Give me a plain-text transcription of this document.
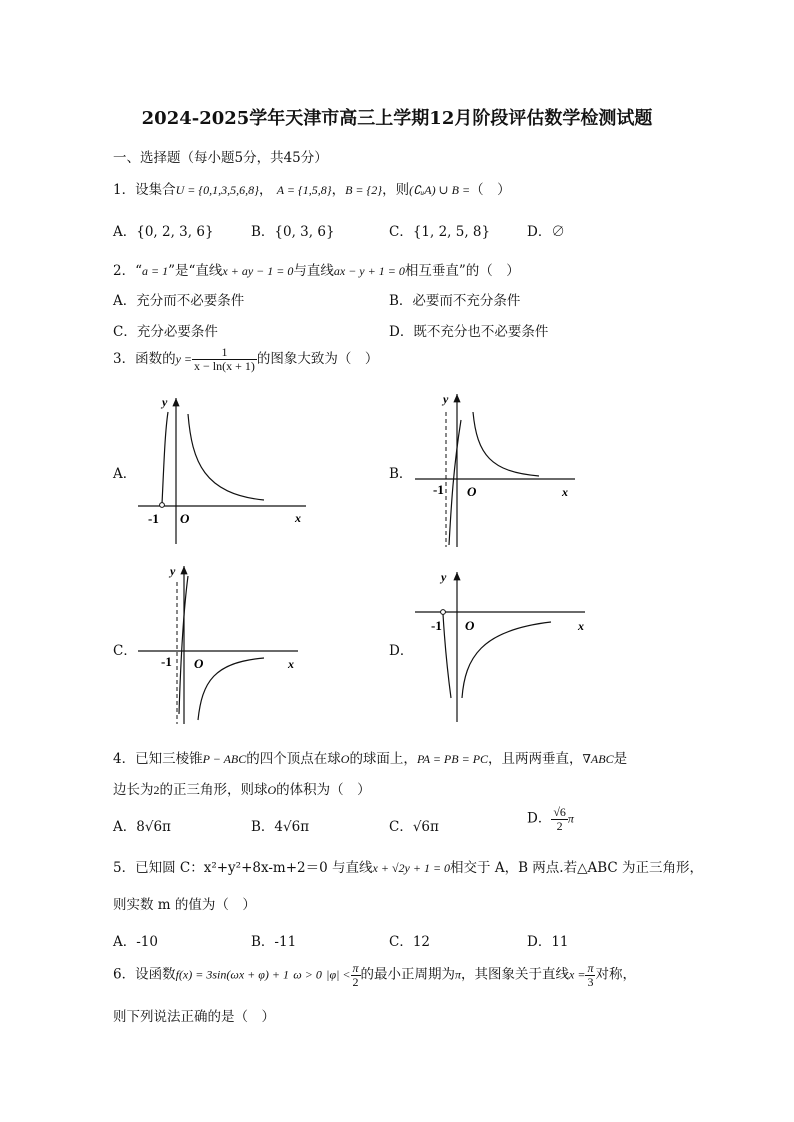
2024-2025学年天津市高三上学期12月阶段评估数学检测试题
一、选择题（每小题5分，共45分）
1．设集合U = {0,1,3,5,6,8}， A = {1,5,8}，B = {2}，则(∁ᵤA) ∪ B =（　）
A．{0, 2, 3, 6}	B．{0, 3, 6}	C．{1, 2, 5, 8}	D．∅
2．“a = 1”是“直线x + ay − 1 = 0与直线ax − y + 1 = 0相互垂直”的（　）
A．充分而不必要条件	B．必要而不充分条件
C．充分必要条件	D．既不充分也不必要条件
3．函数的$y = \frac{1}{x - \ln(x + 1)}$ 的图象大致为（　）
A．	B．
C．	D．
y
x
O
-1
y
x
O
-1
y
x
O
-1
y
x
O
-1
4．已知三棱锥P − ABC的四个顶点在球O的球面上，PA = PB = PC，且两两垂直，∇ABC是
边长为2的正三角形，则球O的体积为（　）
A．8√6π	B．4√6π	C．√6π
D． $\frac{√6}{2}$ π
5．已知圆 C：x²+y²+8x-m+2＝0 与直线x + √2y + 1 = 0相交于 A，B 两点.若△ABC 为正三角形，
则实数 m 的值为（　）
A．-10	B．-11	C．12	D．11
6．设函数f(x) = 3sin(ωx + φ) + 1 ω > 0 $|\varphi| < \frac{\pi}{2}$ 的最小正周期为π，其图象关于直线$x = \frac{\pi}{3}$ 对称，
则下列说法正确的是（　）
